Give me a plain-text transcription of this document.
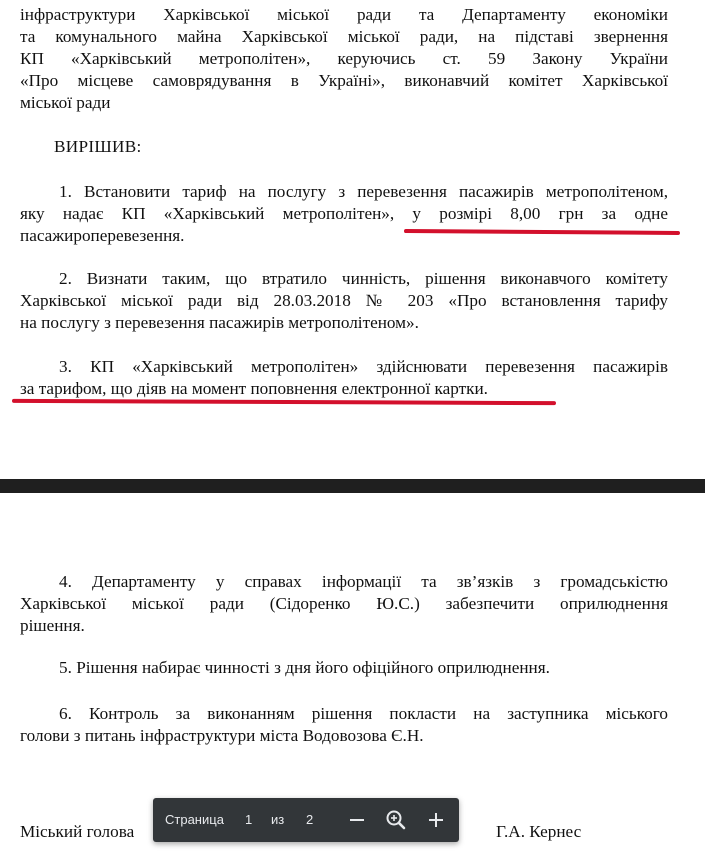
інфраструктури Харківської міської ради та Департаменту економіки
та комунального майна Харківської міської ради, на підставі звернення
КП «Харківський метрополітен», керуючись ст. 59 Закону України
«Про місцеве самоврядування в Україні», виконавчий комітет Харківської
міської ради
ВИРІШИВ:
1. Встановити тариф на послугу з перевезення пасажирів метрополітеном,
яку надає КП «Харківський метрополітен», у розмірі 8,00 грн за одне
пасажироперевезення.
2. Визнати таким, що втратило чинність, рішення виконавчого комітету
Харківської міської ради від 28.03.2018 № 203 «Про встановлення тарифу
на послугу з перевезення пасажирів метрополітеном».
3. КП «Харківський метрополітен» здійснювати перевезення пасажирів
за тарифом, що діяв на момент поповнення електронної картки.
4. Департаменту у справах інформації та зв’язків з громадськістю
Харківської міської ради (Сідоренко Ю.С.) забезпечити оприлюднення
рішення.
5. Рішення набирає чинності з дня його офіційного оприлюднення.
6. Контроль за виконанням рішення покласти на заступника міського
голови з питань інфраструктури міста Водовозова Є.Н.
Міський голова	Г.А. Кернес
Страница 1 из 2
